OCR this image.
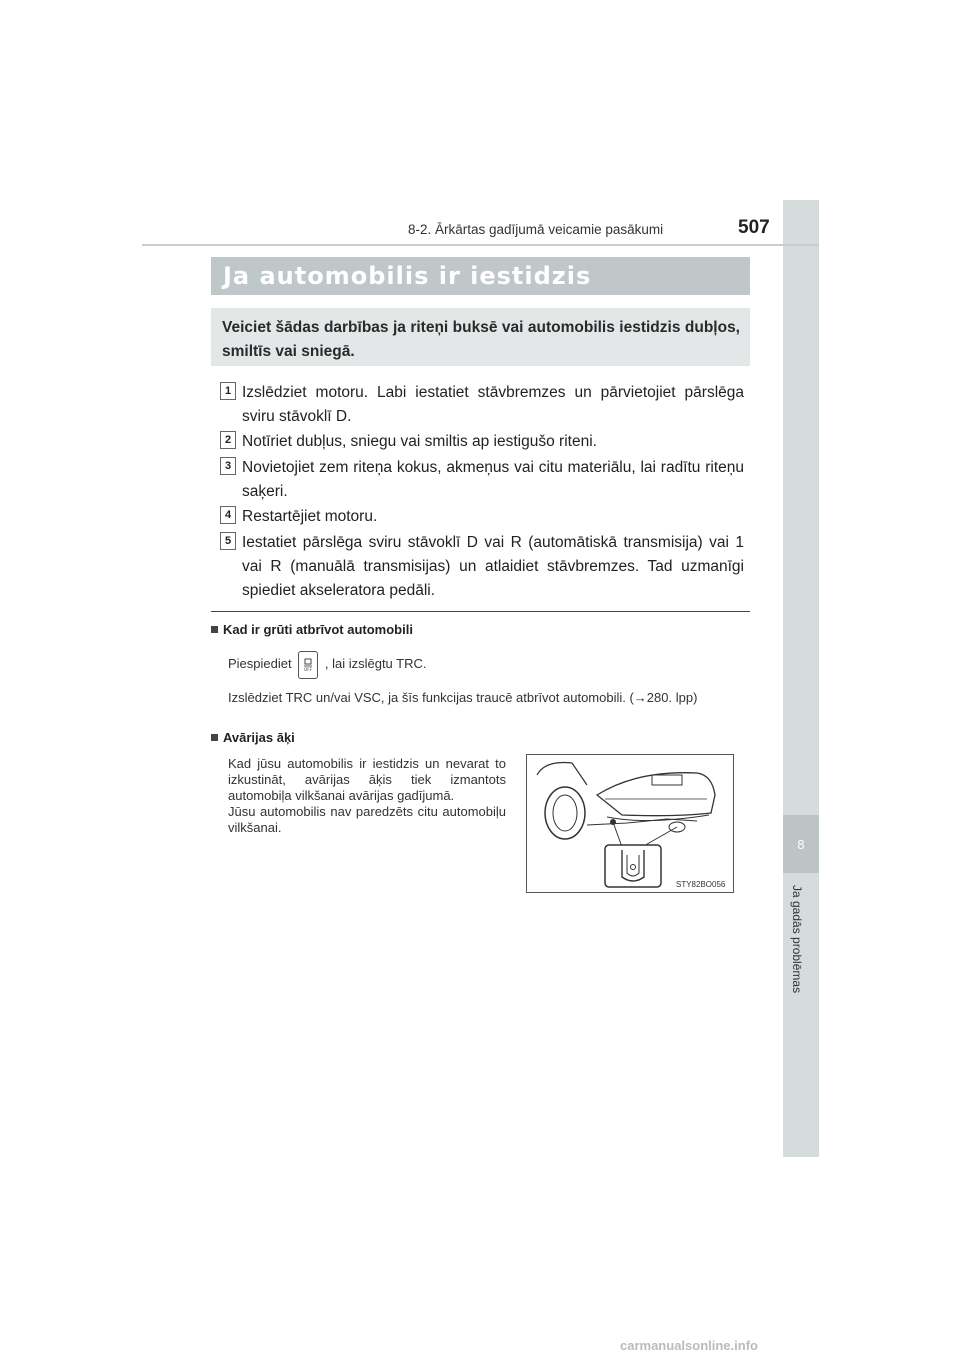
8
Ja gadās problēmas
8-2. Ārkārtas gadījumā veicamie pasākumi	507
Ja automobilis ir iestidzis

Veiciet šādas darbības ja riteņi buksē vai automobilis iestidzis dubļos, smiltīs vai sniegā.

1 Izslēdziet motoru. Labi iestatiet stāvbremzes un pārvietojiet pārslēga sviru stāvoklī D.
2 Notīriet dubļus, sniegu vai smiltis ap iestigušo riteni.
3 Novietojiet zem riteņa kokus, akmeņus vai citu materiālu, lai radītu riteņu saķeri.
4 Restartējiet motoru.
5 Iestatiet pārslēga sviru stāvoklī D vai R (automātiskā transmisija) vai 1 vai R (manuālā transmisijas) un atlaidiet stāvbremzes. Tad uzmanīgi spiediet akseleratora pedāli.
Kad ir grūti atbrīvot automobili
Piespiediet	OFF , lai izslēgtu TRC.
Izslēdziet TRC un/vai VSC, ja šīs funkcijas traucē atbrīvot automobili. (→280. lpp)
Avārijas āķi
Kad jūsu automobilis ir iestidzis un nevarat to izkustināt, avārijas āķis tiek izmantots automobiļa vilkšanai avārijas gadījumā.
Jūsu automobilis nav paredzēts citu automobiļu vilkšanai.
STY82BO056
carmanualsonline.info
